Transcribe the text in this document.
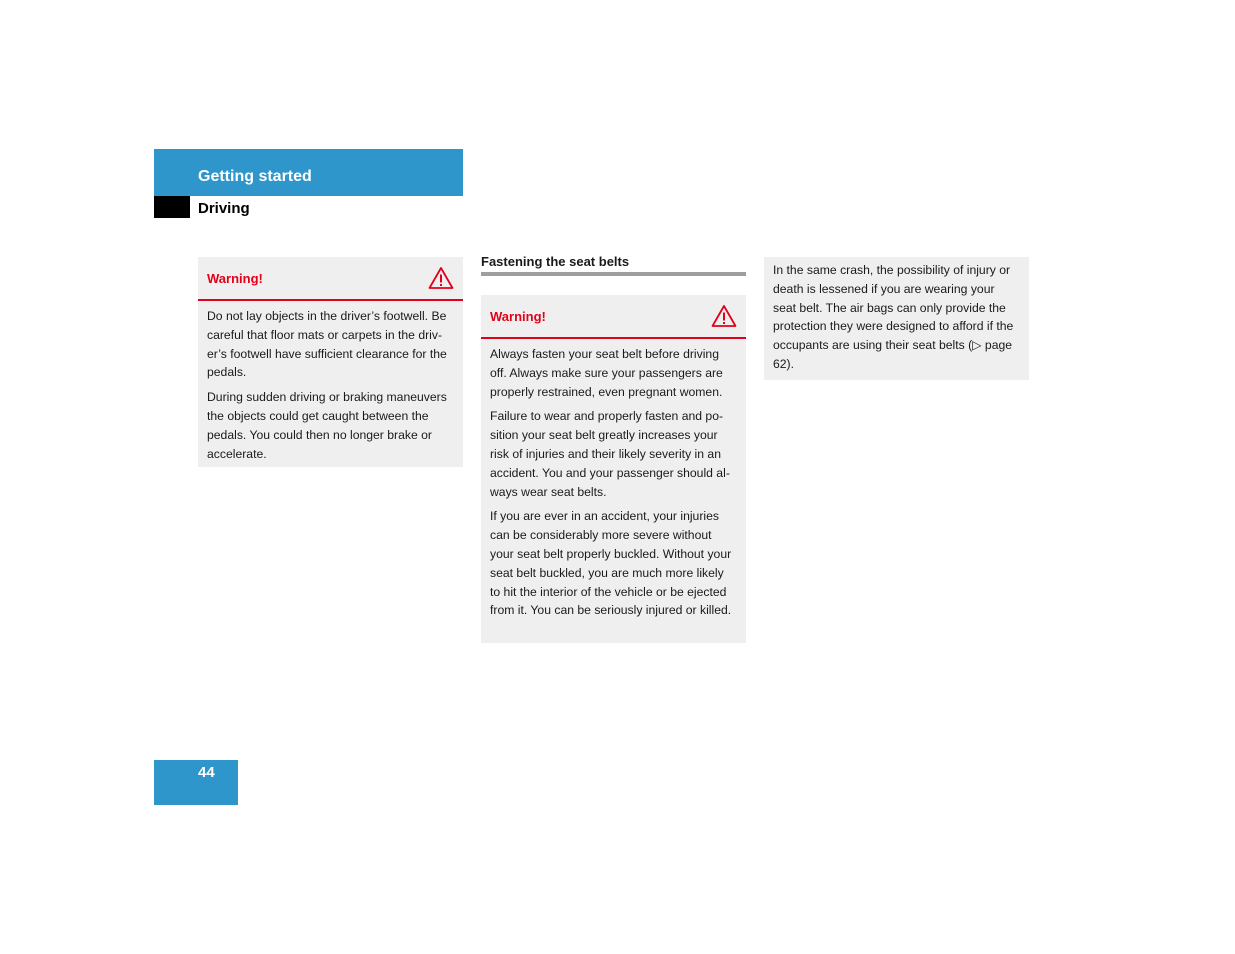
Getting started
Driving
Warning!

Do not lay objects in the driver’s footwell. Be careful that floor mats or carpets in the driver’s footwell have sufficient clearance for the pedals.

During sudden driving or braking maneuvers the objects could get caught between the pedals. You could then no longer brake or accelerate.

Fastening the seat belts
Warning!

Always fasten your seat belt before driving off. Always make sure your passengers are properly restrained, even pregnant women.

Failure to wear and properly fasten and position your seat belt greatly increases your risk of injuries and their likely severity in an accident. You and your passenger should always wear seat belts.

If you are ever in an accident, your injuries can be considerably more severe without your seat belt properly buckled. Without your seat belt buckled, you are much more likely to hit the interior of the vehicle or be ejected from it. You can be seriously injured or killed.

In the same crash, the possibility of injury or death is lessened if you are wearing your seat belt. The air bags can only provide the protection they were designed to afford if the occupants are using their seat belts (▷ page 62).

44
